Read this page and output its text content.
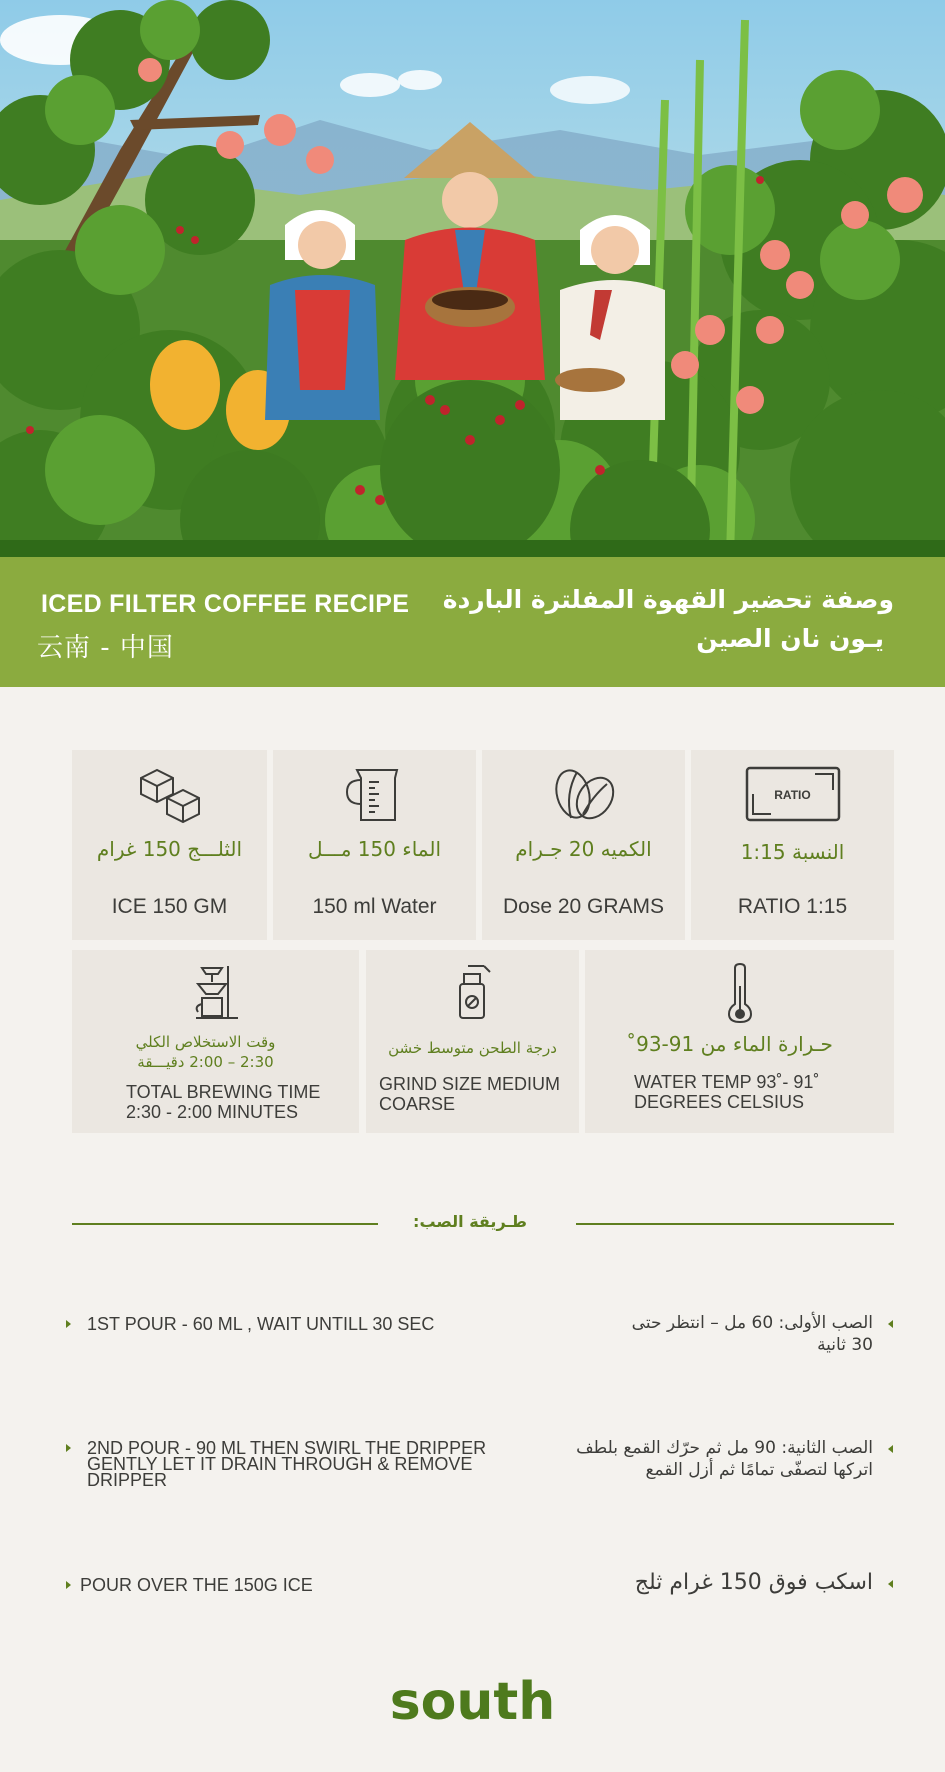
ICED FILTER COFFEE RECIPE
云南 - 中国
وصفة تحضير القهوة المفلترة الباردة
يـون نان الصين
الثلـــج 150 غرام
ICE 150 GM
الماء 150 مـــل
150 ml Water
الكميه 20 جـرام
Dose 20 GRAMS
RATIO
النسبة 1:15
RATIO 1:15
وقت الاستخلاص الكلي
2:30 – 2:00 دقيـــقة
TOTAL BREWING TIME
2:30 - 2:00 MINUTES
درجة الطحن متوسط خشن
GRIND SIZE MEDIUM
COARSE
حـرارة الماء من 91-93˚
WATER TEMP 93˚- 91˚
DEGREES CELSIUS
طـريقة الصب:
1ST POUR - 60 ML , WAIT UNTILL 30 SEC	الصب الأولى: 60 مل – انتظر حتى
30 ثانية
2ND POUR - 90 ML THEN SWIRL THE DRIPPER
GENTLY LET IT DRAIN THROUGH & REMOVE
DRIPPER
الصب الثانية: 90 مل ثم حرّك القمع بلطف
اتركها لتصفّى تمامًا ثم أزل القمع
POUR OVER THE 150G ICE	اسكب فوق 150 غرام ثلج
south
